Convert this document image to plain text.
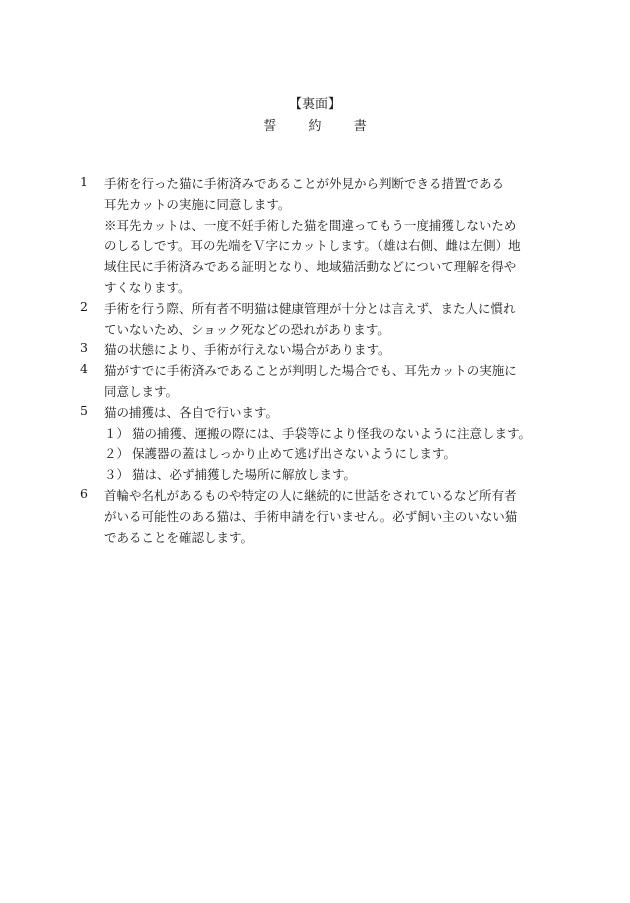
【裏面】
誓 約 書
1 手術を行った猫に手術済みであることが外見から判断できる措置である
耳先カットの実施に同意します。
※耳先カットは、一度不妊手術した猫を間違ってもう一度捕獲しないため
のしるしです。耳の先端をＶ字にカットします。（雄は右側、雌は左側）地
域住民に手術済みである証明となり、地域猫活動などについて理解を得や
すくなります。
2 手術を行う際、所有者不明猫は健康管理が十分とは言えず、また人に慣れ
ていないため、ショック死などの恐れがあります。
3 猫の状態により、手術が行えない場合があります。
4 猫がすでに手術済みであることが判明した場合でも、耳先カットの実施に
同意します。
5 猫の捕獲は、各自で行います。
１） 猫の捕獲、運搬の際には、手袋等により怪我のないように注意します。
２） 保護器の蓋はしっかり止めて逃げ出さないようにします。
３） 猫は、必ず捕獲した場所に解放します。
6 首輪や名札があるものや特定の人に継続的に世話をされているなど所有者
がいる可能性のある猫は、手術申請を行いません。必ず飼い主のいない猫
であることを確認します。
